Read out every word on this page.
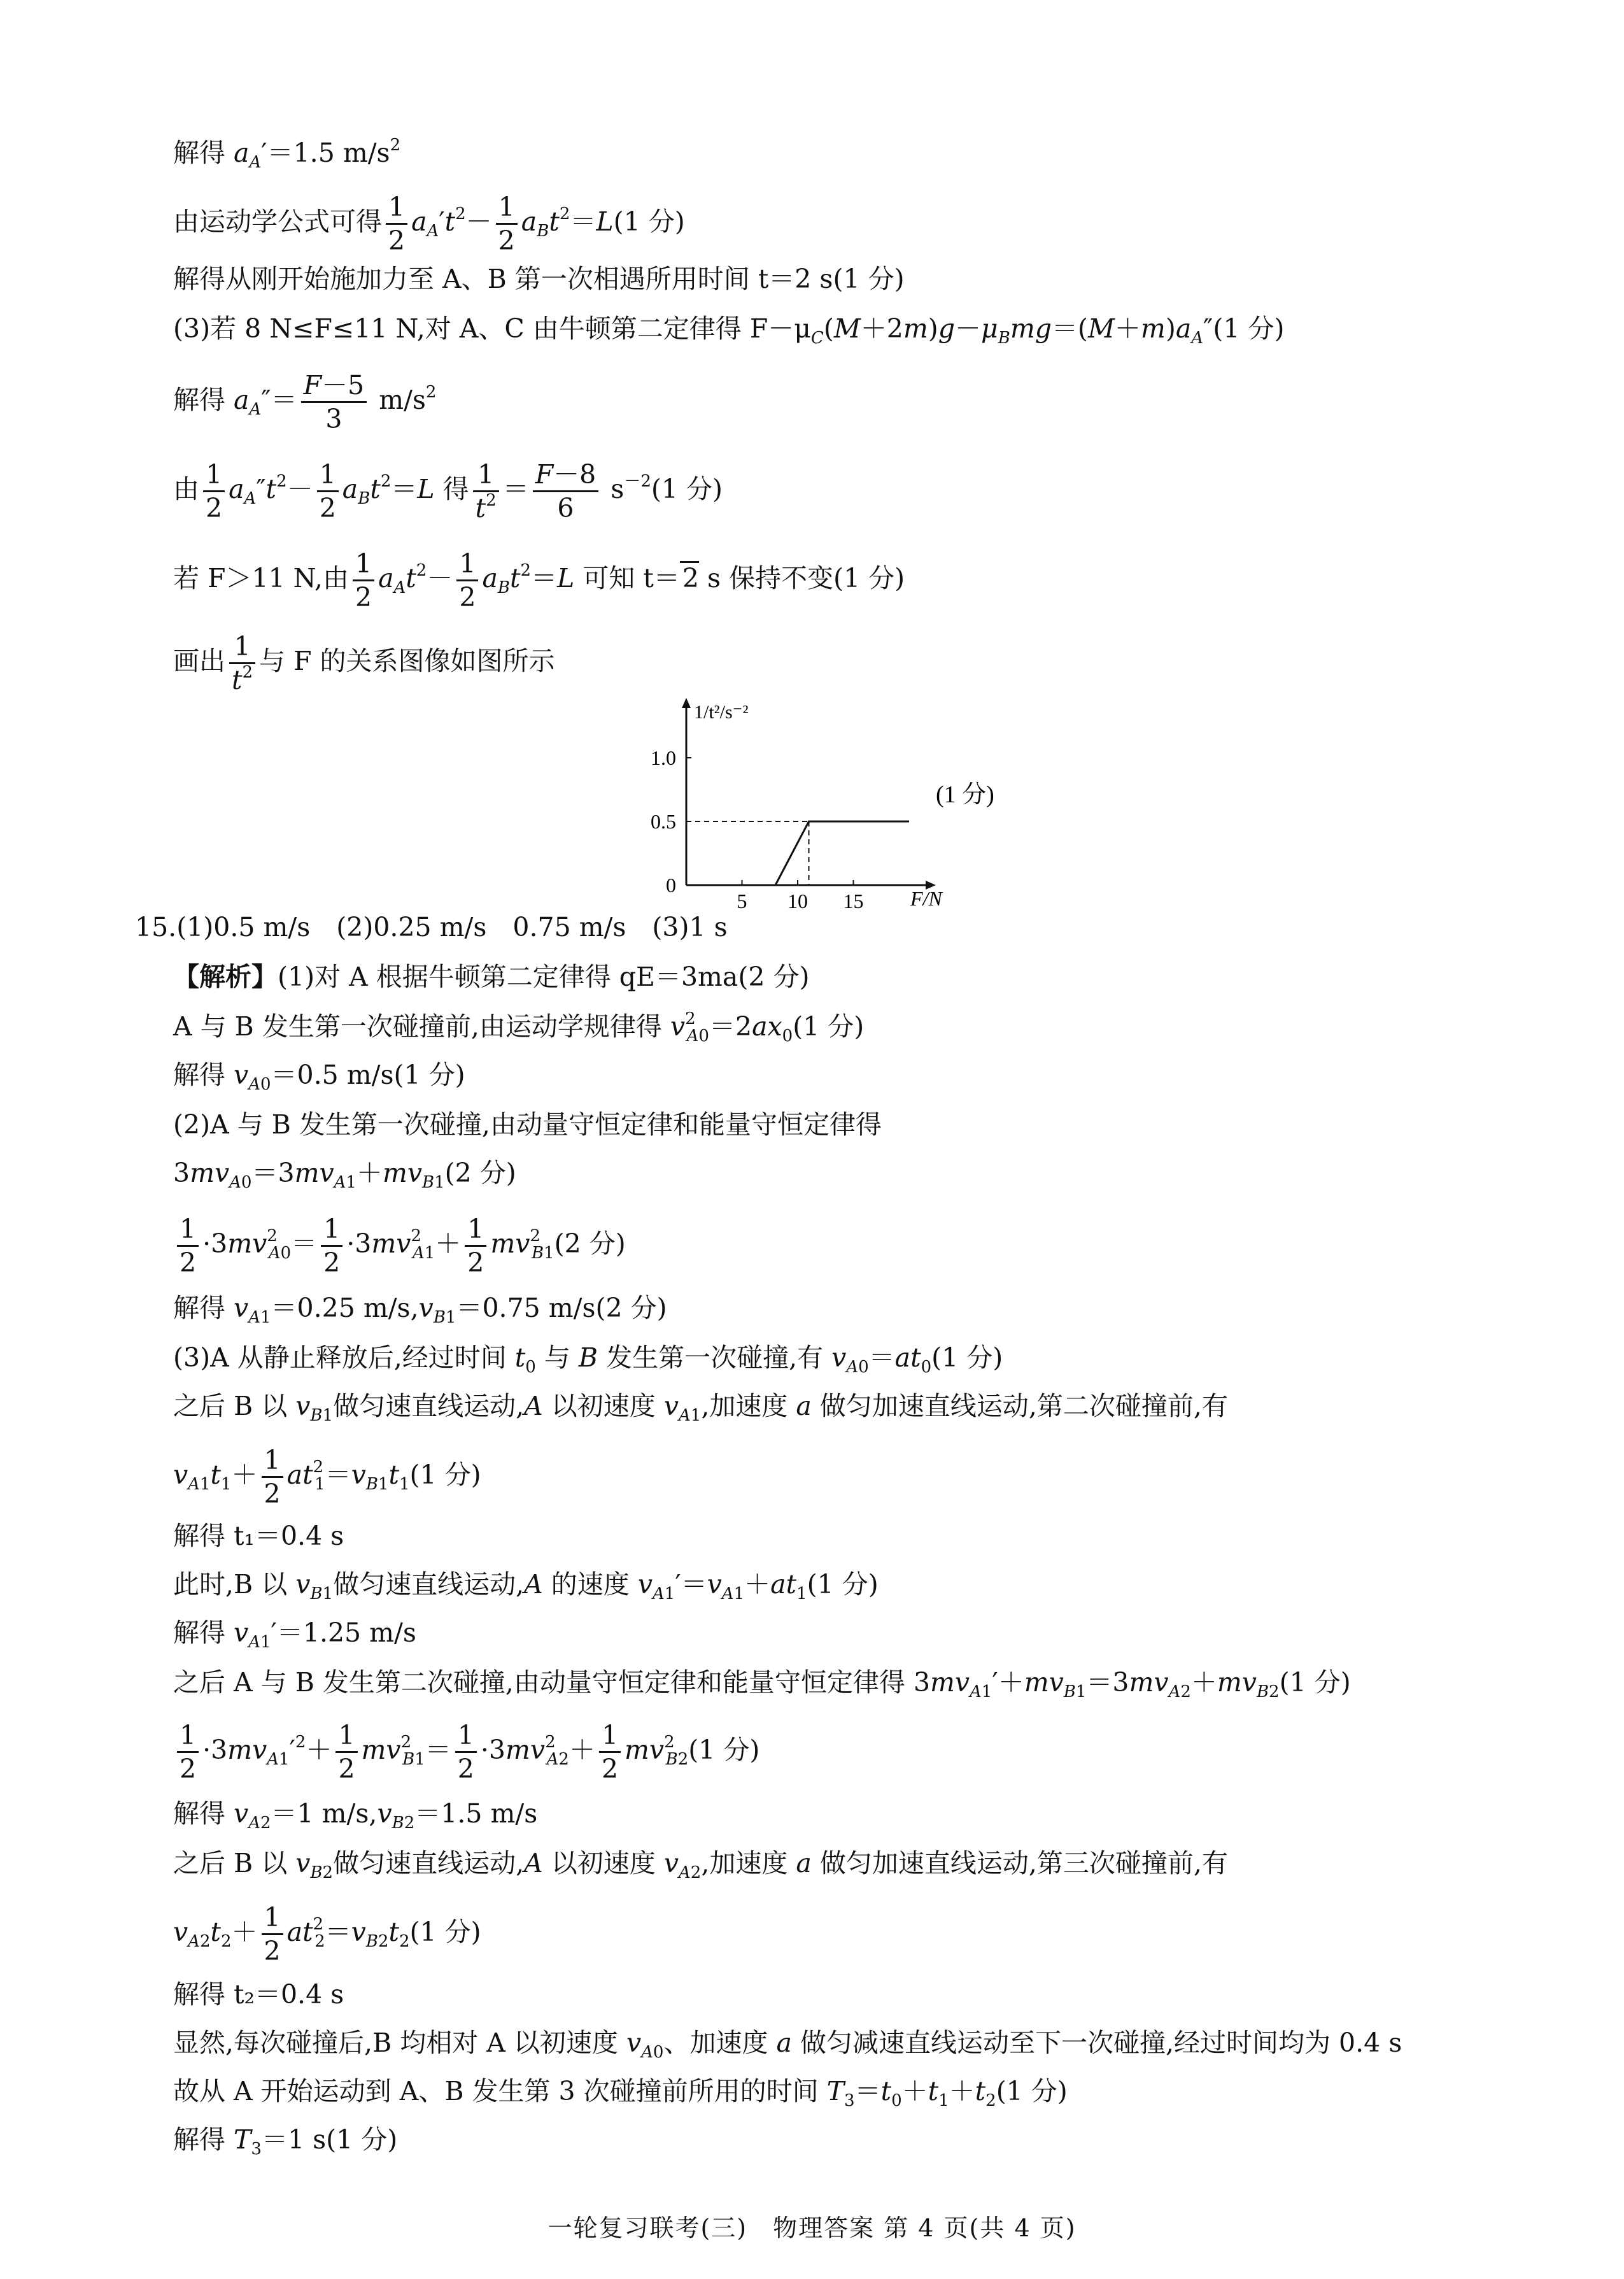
解得 $a_A'=1.5$ $m/s^2$
由运动学公式可得 $\frac{1}{2} a_A't^2- \frac{1}{2} a_Bt^2=L(1$ 分)
解得从刚开始施加力至 A、B 第一次相遇所用时间 t＝2 s(1 分)
(3)若 8 N≤F≤11 N,对 A、C 由牛顿第二定律得 $F-\mu_C(M+2m)g-\mu_Bmg=(M+m)a_A''(1$ 分)
解得 $a_A''= \frac{F-5}{3} m/s^2$
由 $\frac{1}{2} a_A''t^2- \frac{1}{2} a_Bt^2=L$ 得 $\frac{1}{t^2} = \frac{F-8}{6} s^{-2}(1$ 分)
若 F＞11 N,由 $\frac{1}{2} a_At^2- \frac{1}{2} a_Bt^2=L$ 可知 t＝2 s 保持不变(1 分)
画出 $\frac{1}{t^2}$ 与 F 的关系图像如图所示
5 10 15
0
0.5
1.0
1/t²/s⁻²
F/N
(1 分)
15.(1)0.5 m/s　(2)0.25 m/s　0.75 m/s　(3)1 s
【解析】(1)对 A 根据牛顿第二定律得 qE＝3ma(2 分)
A 与 B 发生第一次碰撞前,由运动学规律得 $v^2_{A0}=2ax_0(1$ 分)
解得 $v_{A0}=0.5$ m/s(1 分)
(2)A 与 B 发生第一次碰撞,由动量守恒定律和能量守恒定律得
$3mv_{A0}=3mv_{A1}+mv_{B1}(2$ 分)
$\frac{1}{2} \cdot 3mv^2_{A0}= \frac{1}{2} \cdot 3mv^2_{A1}+ \frac{1}{2} mv^2_{B1}(2$ 分)
解得 $v_{A1}=0.25$ $m/s,v_{B1}=0.75$ m/s(2 分)
(3)A 从静止释放后,经过时间 $t_0$ 与 B 发生第一次碰撞,有 $v_{A0}=at_0(1$ 分)
之后 B 以 $v_{B1}$做匀速直线运动,A 以初速度 $v_{A1}$,加速度 a 做匀加速直线运动,第二次碰撞前,有
$v_{A1}t_1+ \frac{1}{2} at^2_1=v_{B1}t_1(1$ 分)
解得 t₁＝0.4 s
此时,B 以 $v_{B1}$做匀速直线运动,A 的速度 $v_{A1}'=v_{A1}+at_1(1$ 分)
解得 $v_{A1}'=1.25$ m/s
之后 A 与 B 发生第二次碰撞,由动量守恒定律和能量守恒定律得 $3mv_{A1}'+mv_{B1}=3mv_{A2}+mv_{B2}(1$ 分)
$\frac{1}{2} \cdot 3mv_{A1}'^2+ \frac{1}{2} mv^2_{B1}= \frac{1}{2} \cdot 3mv^2_{A2}+ \frac{1}{2} mv^2_{B2}(1$ 分)
解得 $v_{A2}=1$ $m/s,v_{B2}=1.5$ m/s
之后 B 以 $v_{B2}$做匀速直线运动,A 以初速度 $v_{A2}$,加速度 a 做匀加速直线运动,第三次碰撞前,有
$v_{A2}t_2+ \frac{1}{2} at^2_2=v_{B2}t_2(1$ 分)
解得 t₂＝0.4 s
显然,每次碰撞后,B 均相对 A 以初速度 $v_{A0}$、加速度 a 做匀减速直线运动至下一次碰撞,经过时间均为 0.4 s
故从 A 开始运动到 A、B 发生第 3 次碰撞前所用的时间 $T_3=t_0+t_1+t_2(1$ 分)
解得 $T_3=1$ s(1 分)
一轮复习联考(三)　物理答案 第 4 页(共 4 页)
